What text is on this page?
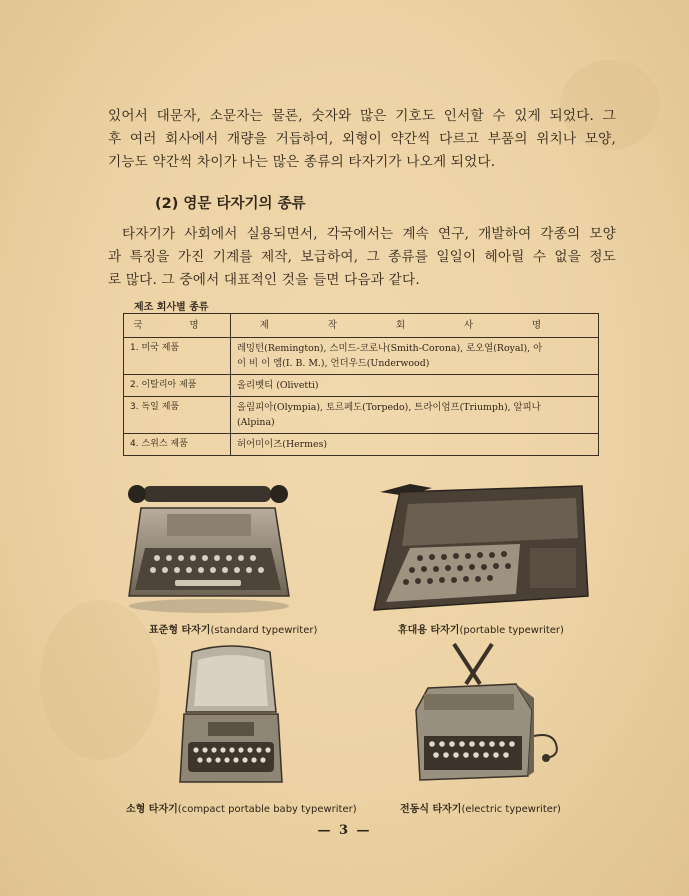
있어서 대문자, 소문자는 물론, 숫자와 많은 기호도 인서할 수 있게 되었다. 그
후 여러 회사에서 개량을 거듭하여, 외형이 약간씩 다르고 부품의 위치나 모양,
기능도 약간씩 차이가 나는 많은 종류의 타자기가 나오게 되었다.

(2) 영문 타자기의 종류

타자기가 사회에서 실용되면서, 각국에서는 계속 연구, 개발하여 각종의 모양
과 특징을 가진 기계를 제작, 보급하여, 그 종류를 일일이 헤아릴 수 없을 정도
로 많다. 그 중에서 대표적인 것을 들면 다음과 같다.

제조 회사별 종류
국 명	제 작 회 사 명
1. 미국 제품	레밍턴(Remington), 스미드-코로나(Smith-Corona), 로오열(Royal), 아
이 비 이 엠(I. B. M.), 언더우드(Underwood)

2. 이탈리아 제품	올리벳티 (Olivetti)

3. 독일 제품	올림피아(Olympia), 토르페도(Torpedo), 트라이엄프(Triumph), 알피나
(Alpina)

4. 스위스 제품	허어미이즈(Hermes)
표준형 타자기(standard typewriter)	휴대용 타자기(portable typewriter)
소형 타자기(compact portable baby typewriter)	전동식 타자기(electric typewriter)
— 3 —
